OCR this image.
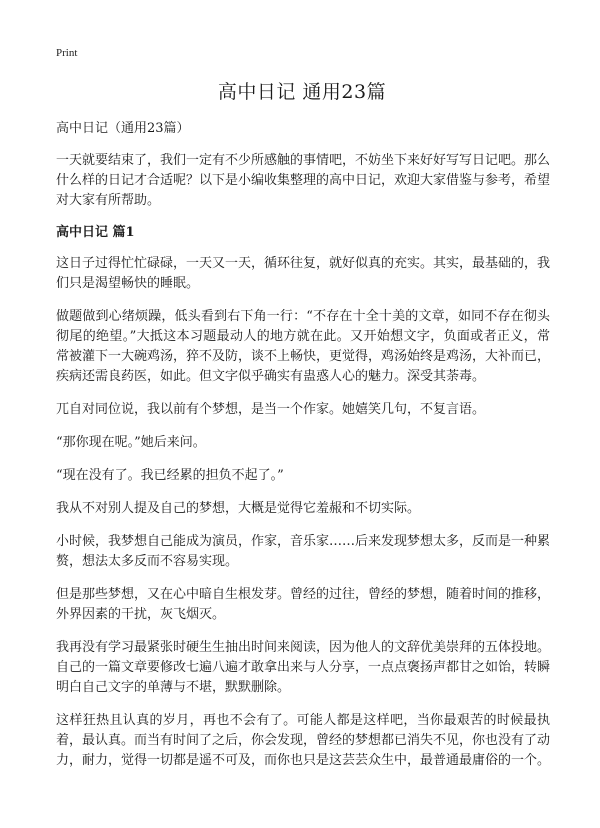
Print
高中日记 通用23篇

高中日记（通用23篇）

一天就要结束了，我们一定有不少所感触的事情吧，不妨坐下来好好写写日记吧。那么什么样的日记才合适呢？以下是小编收集整理的高中日记，欢迎大家借鉴与参考，希望对大家有所帮助。

高中日记 篇1

这日子过得忙忙碌碌，一天又一天，循环往复，就好似真的充实。其实，最基础的，我们只是渴望畅快的睡眠。

做题做到心绪烦躁，低头看到右下角一行：“不存在十全十美的文章，如同不存在彻头彻尾的绝望。”大抵这本习题最动人的地方就在此。又开始想文字，负面或者正义，常常被灌下一大碗鸡汤，猝不及防，谈不上畅快，更觉得，鸡汤始终是鸡汤，大补而已，疾病还需良药医，如此。但文字似乎确实有蛊惑人心的魅力。深受其荼毒。

兀自对同位说，我以前有个梦想，是当一个作家。她嬉笑几句，不复言语。

“那你现在呢。”她后来问。

“现在没有了。我已经累的担负不起了。”

我从不对别人提及自己的梦想，大概是觉得它羞赧和不切实际。

小时候，我梦想自己能成为演员，作家，音乐家……后来发现梦想太多，反而是一种累赘，想法太多反而不容易实现。

但是那些梦想，又在心中暗自生根发芽。曾经的过往，曾经的梦想，随着时间的推移，外界因素的干扰，灰飞烟灭。

我再没有学习最紧张时硬生生抽出时间来阅读，因为他人的文辞优美崇拜的五体投地。自己的一篇文章要修改七遍八遍才敢拿出来与人分享，一点点褒扬声都甘之如饴，转瞬明白自己文字的单薄与不堪，默默删除。

这样狂热且认真的岁月，再也不会有了。可能人都是这样吧，当你最艰苦的时候最执着，最认真。而当有时间了之后，你会发现，曾经的梦想都已消失不见，你也没有了动力，耐力，觉得一切都是遥不可及，而你也只是这芸芸众生中，最普通最庸俗的一个。
